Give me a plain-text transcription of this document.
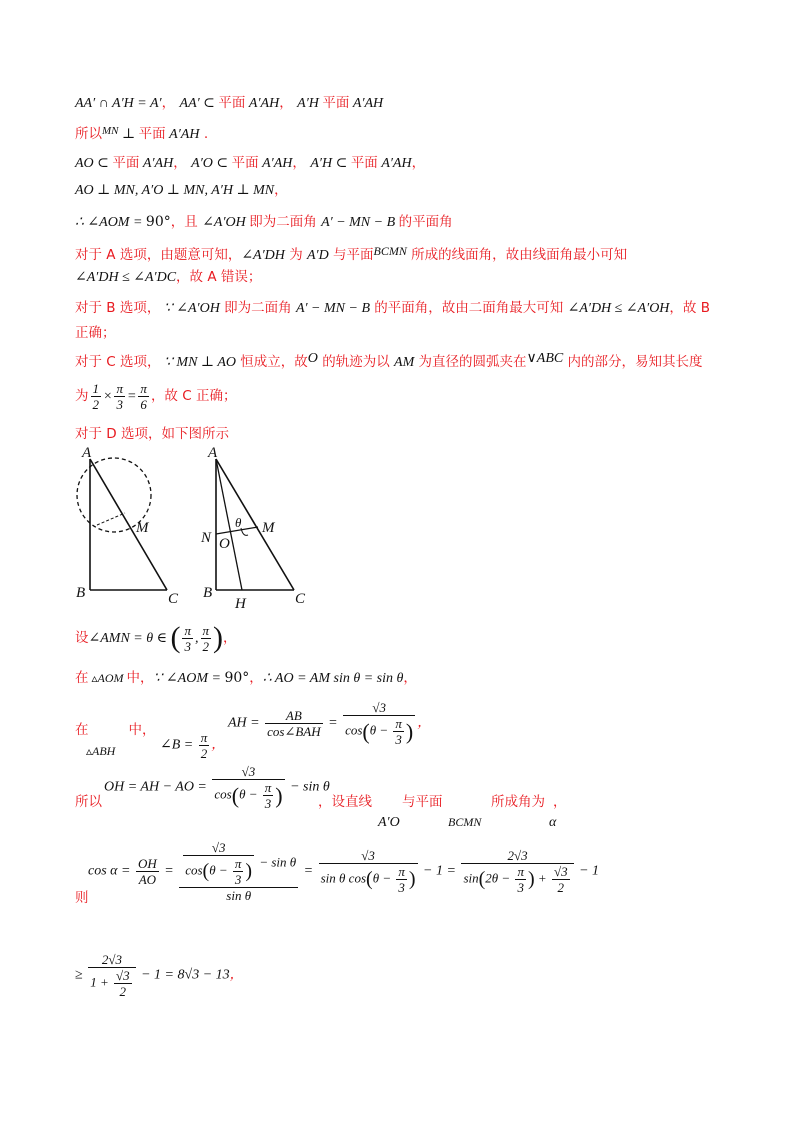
AA′ ∩ A′H = A′， AA′ ⊂ 平面 A′AH， A′H 平面 A′AH
所以$^{MN}$ ⊥ 平面 A′AH .
AO ⊂ 平面 A′AH， A′O ⊂ 平面 A′AH， A′H ⊂ 平面 A′AH，
AO ⊥ MN, A′O ⊥ MN, A′H ⊥ MN，
∴ ∠AOM = 90°，且 ∠A′OH 即为二面角 A′ − MN − B 的平面角
对于 A 选项，由题意可知，∠A′DH 为 A′D 与平面BCMN 所成的线面角，故由线面角最小可知
∠A′DH ≤ ∠A′DC，故 A 错误；
对于 B 选项， ∵ ∠A′OH 即为二面角 A′ − MN − B 的平面角，故由二面角最大可知 ∠A′DH ≤ ∠A′OH，故 B
正确；
对于 C 选项， ∵ MN ⊥ AO 恒成立，故O 的轨迹为以 AM 为直径的圆弧夹在∨ABC 内的部分，易知其长度
为 $\frac{1}{2} \times \frac{\pi}{3} = \frac{\pi}{6}$ ，故 C 正确；
对于 D 选项，如下图所示
A
B	C
M
A
B	C
M
N O
H
θ
设∠AMN = θ ∈ ( $\frac{\pi}{3}$ , $\frac{\pi}{2}$ )，
在 ▵AOM 中，∵ ∠AOM = 90°，∴ AO = AM sin θ = sin θ，
在	中，
▵ABH	∠B = $\frac{\pi}{2}$ ，
AH = $\frac{AB}{\text{cos∠BAH}} = \frac{√3}{\cos(\theta - \frac{\pi}{3} )}$ ，
所以
OH = AH − AO = $\frac{√3}{\cos(\theta - \frac{\pi}{3} )} - \sin \theta$
，设直线 与平面	所成角为 ，
A′O	BCMN	α
则
$\cos \alpha = \frac{OH}{AO} = \frac{\frac{√3}{\cos(\theta - \frac{\pi}{3} )} - \sin \theta}{\text{sin θ}} = \frac{√3}{\sin \theta \cos(\theta - \frac{\pi}{3} )} - 1 = \frac{2√3}{\sin(2\theta - \frac{\pi}{3} ) + \frac{√3}{2}} - 1$
≥ $\frac{2√3}{1 + \frac{√3}{2}} - 1 = 8√3 - 13$，
